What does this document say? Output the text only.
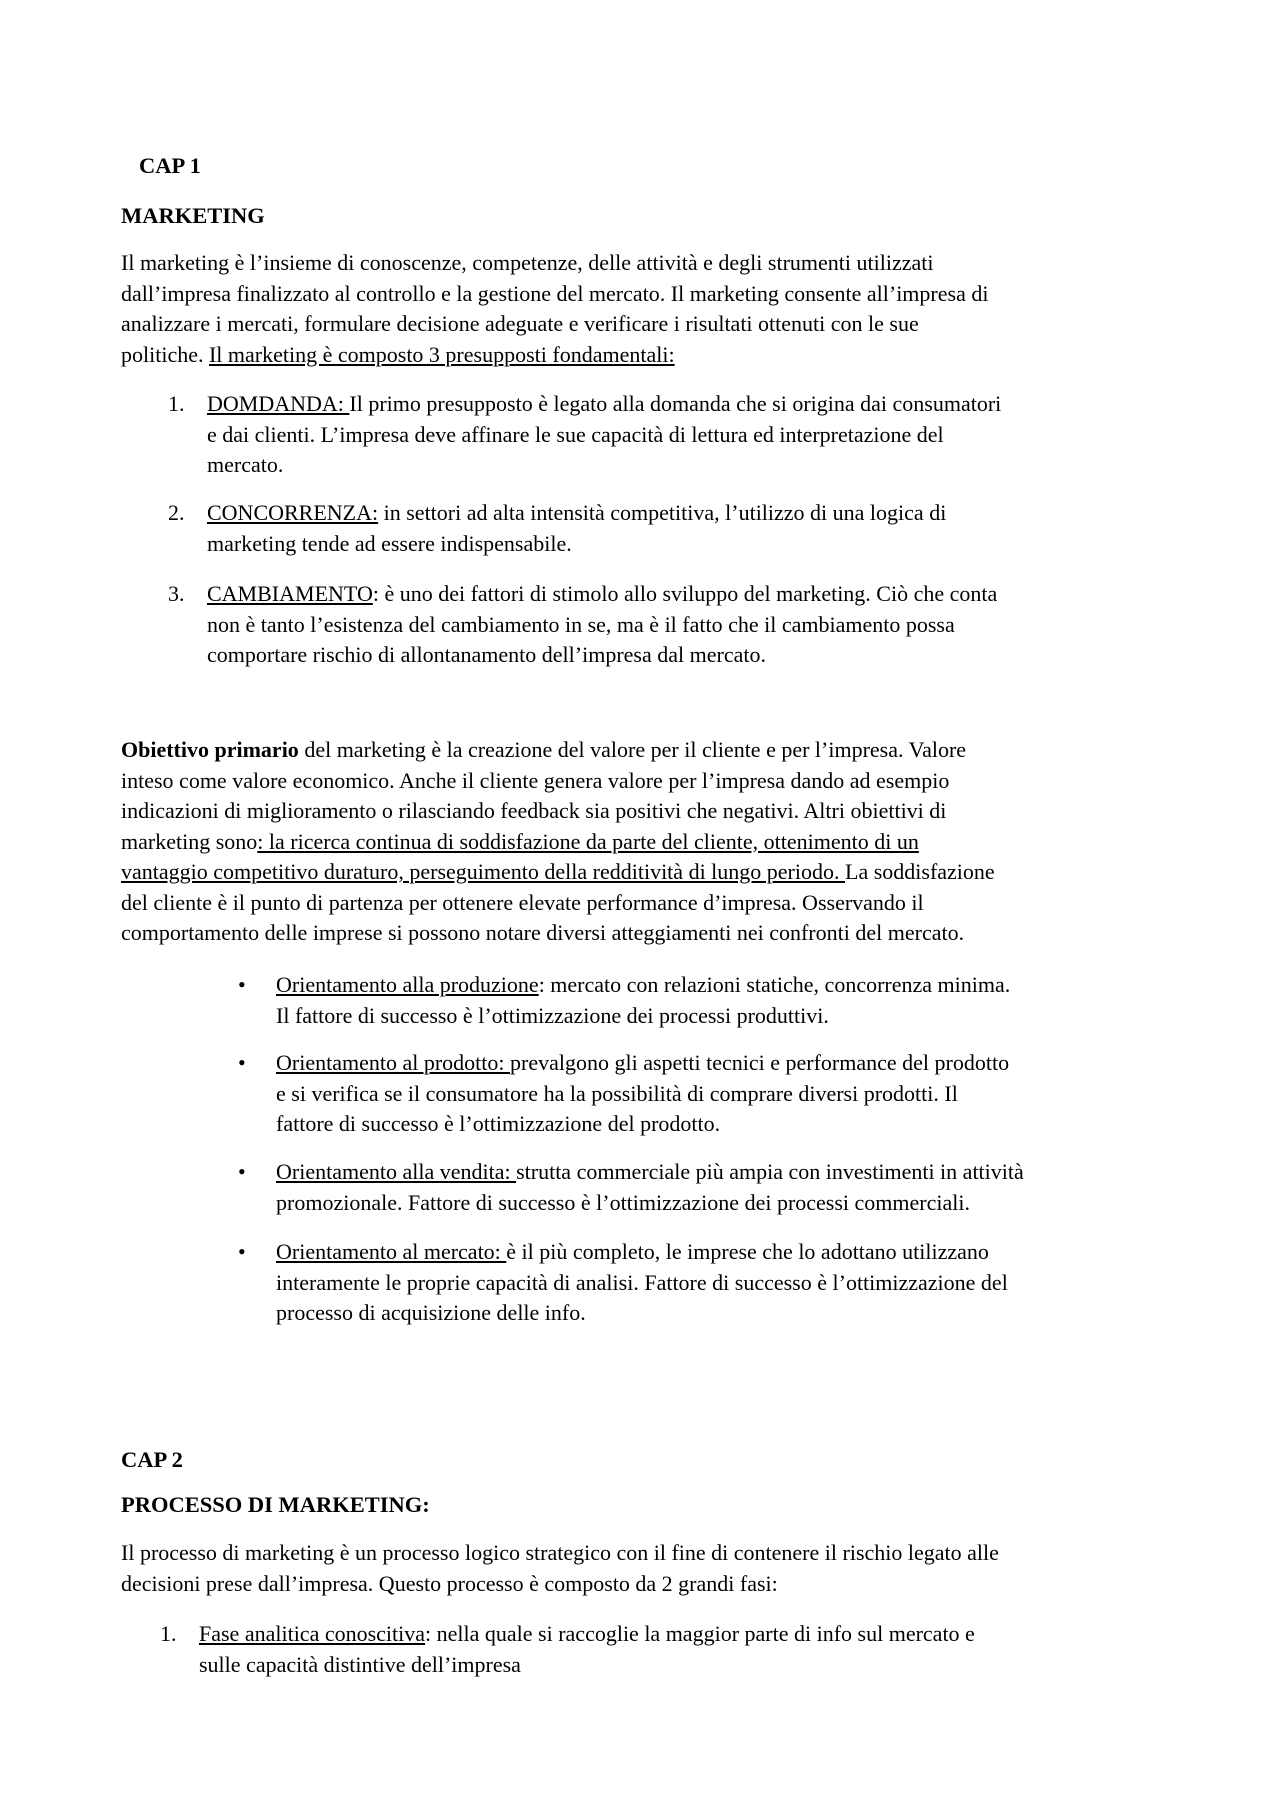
CAP 1
MARKETING
Il marketing è l’insieme di conoscenze, competenze, delle attività e degli strumenti utilizzati
dall’impresa finalizzato al controllo e la gestione del mercato. Il marketing consente all’impresa di
analizzare i mercati, formulare decisione adeguate e verificare i risultati ottenuti con le sue
politiche. Il marketing è composto 3 presupposti fondamentali:
1. DOMDANDA: Il primo presupposto è legato alla domanda che si origina dai consumatori
e dai clienti. L’impresa deve affinare le sue capacità di lettura ed interpretazione del
mercato.
2. CONCORRENZA: in settori ad alta intensità competitiva, l’utilizzo di una logica di
marketing tende ad essere indispensabile.
3. CAMBIAMENTO: è uno dei fattori di stimolo allo sviluppo del marketing. Ciò che conta
non è tanto l’esistenza del cambiamento in se, ma è il fatto che il cambiamento possa
comportare rischio di allontanamento dell’impresa dal mercato.
Obiettivo primario del marketing è la creazione del valore per il cliente e per l’impresa. Valore
inteso come valore economico. Anche il cliente genera valore per l’impresa dando ad esempio
indicazioni di miglioramento o rilasciando feedback sia positivi che negativi. Altri obiettivi di
marketing sono: la ricerca continua di soddisfazione da parte del cliente, ottenimento di un
vantaggio competitivo duraturo, perseguimento della redditività di lungo periodo. La soddisfazione
del cliente è il punto di partenza per ottenere elevate performance d’impresa. Osservando il
comportamento delle imprese si possono notare diversi atteggiamenti nei confronti del mercato.
• Orientamento alla produzione: mercato con relazioni statiche, concorrenza minima.
Il fattore di successo è l’ottimizzazione dei processi produttivi.
• Orientamento al prodotto: prevalgono gli aspetti tecnici e performance del prodotto
e si verifica se il consumatore ha la possibilità di comprare diversi prodotti. Il
fattore di successo è l’ottimizzazione del prodotto.
• Orientamento alla vendita: strutta commerciale più ampia con investimenti in attività
promozionale. Fattore di successo è l’ottimizzazione dei processi commerciali.
• Orientamento al mercato: è il più completo, le imprese che lo adottano utilizzano
interamente le proprie capacità di analisi. Fattore di successo è l’ottimizzazione del
processo di acquisizione delle info.
CAP 2
PROCESSO DI MARKETING:
Il processo di marketing è un processo logico strategico con il fine di contenere il rischio legato alle
decisioni prese dall’impresa. Questo processo è composto da 2 grandi fasi:
1. Fase analitica conoscitiva: nella quale si raccoglie la maggior parte di info sul mercato e
sulle capacità distintive dell’impresa
